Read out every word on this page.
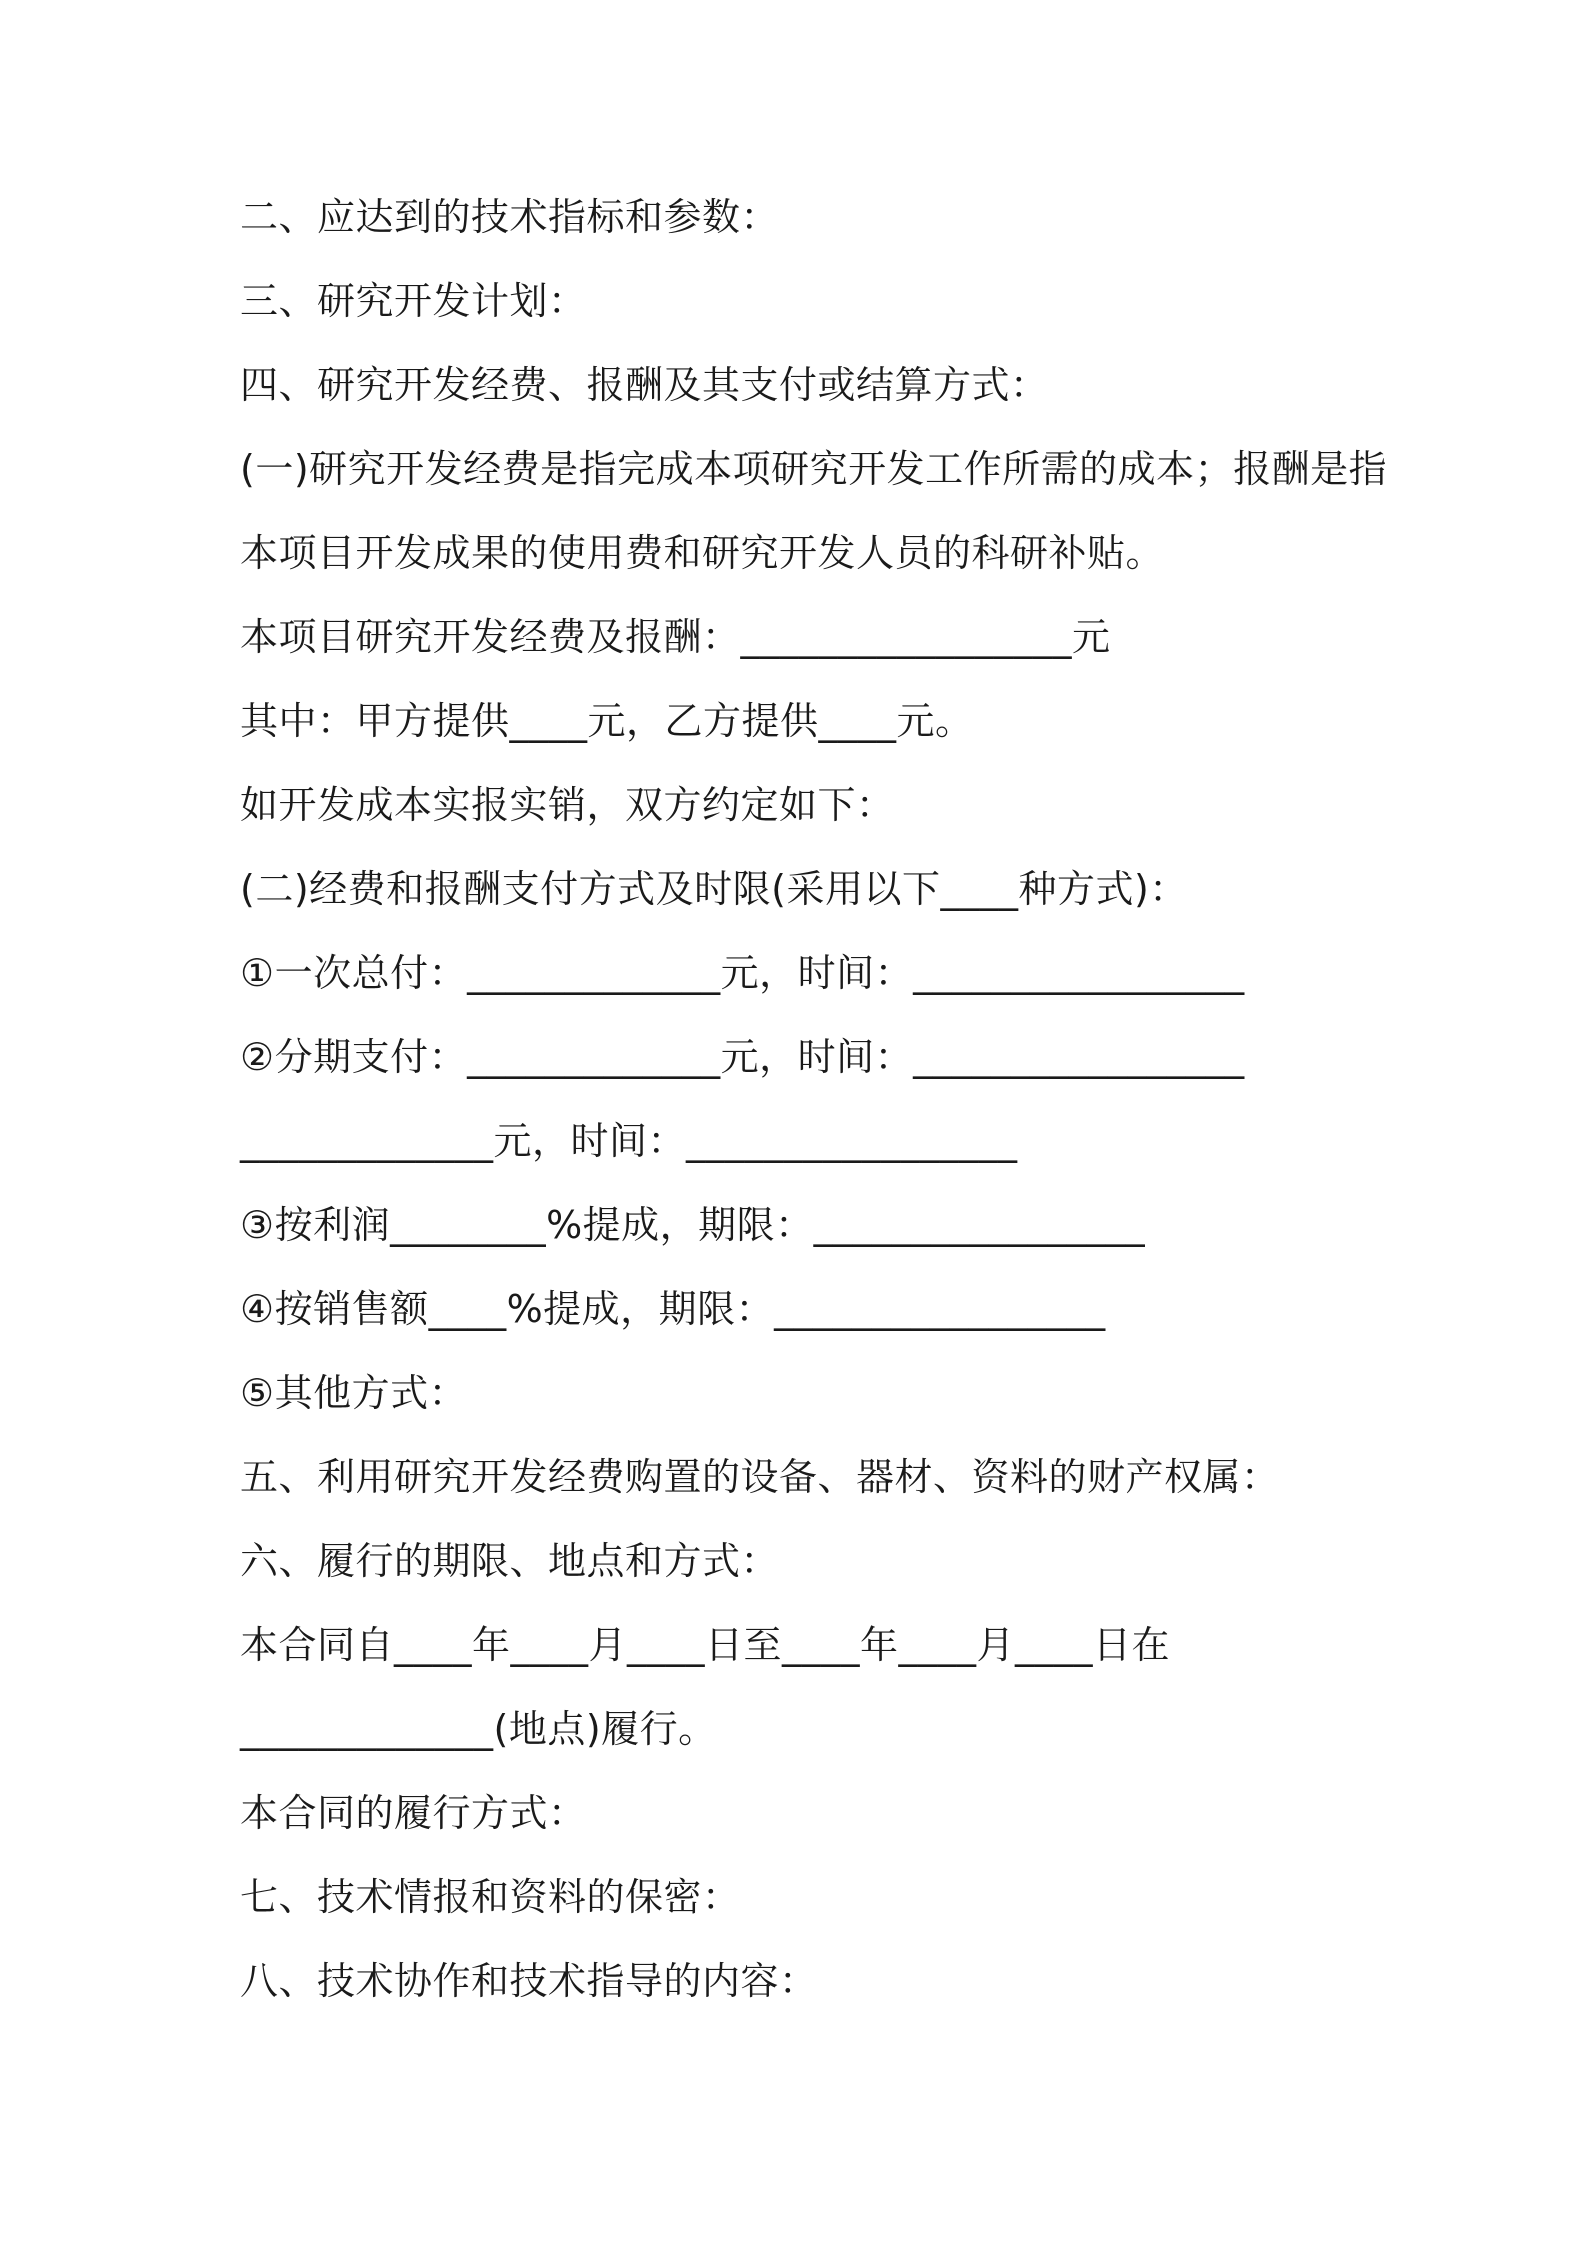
二、应达到的技术指标和参数：
三、研究开发计划：
四、研究开发经费、报酬及其支付或结算方式：
(一)研究开发经费是指完成本项研究开发工作所需的成本；报酬是指
本项目开发成果的使用费和研究开发人员的科研补贴。
本项目研究开发经费及报酬：_________________元
其中：甲方提供____元，乙方提供____元。
如开发成本实报实销，双方约定如下：
(二)经费和报酬支付方式及时限(采用以下____种方式)：
①一次总付：_____________元，时间：_________________
②分期支付：_____________元，时间：_________________
_____________元，时间：_________________
③按利润________%提成，期限：_________________
④按销售额____%提成，期限：_________________
⑤其他方式：
五、利用研究开发经费购置的设备、器材、资料的财产权属：
六、履行的期限、地点和方式：
本合同自____年____月____日至____年____月____日在
_____________(地点)履行。
本合同的履行方式：
七、技术情报和资料的保密：
八、技术协作和技术指导的内容：
